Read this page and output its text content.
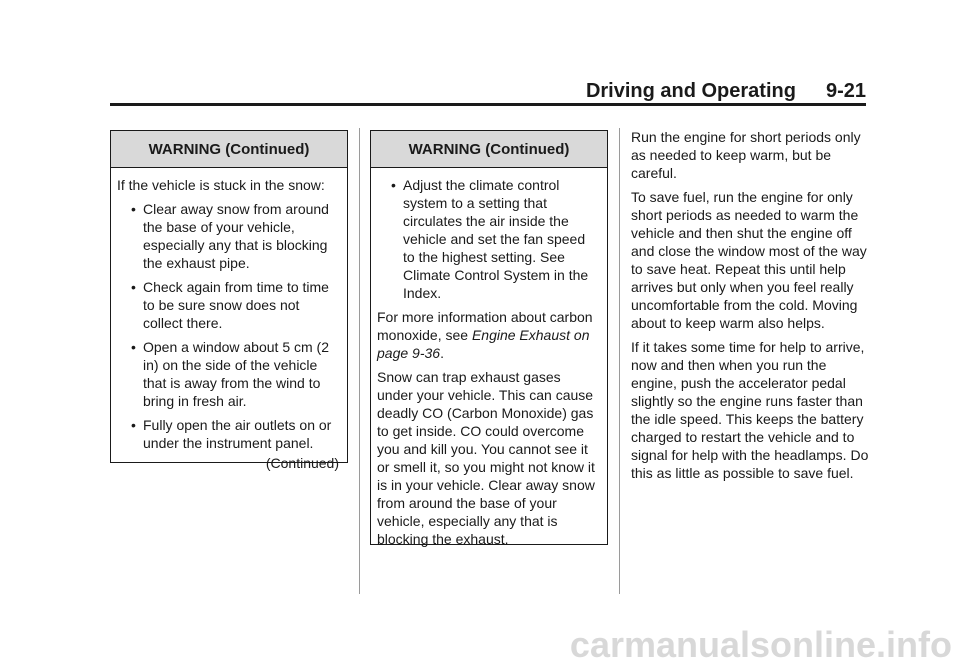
Driving and Operating 9-21
WARNING (Continued)

If the vehicle is stuck in the snow:

• Clear away snow from around the base of your vehicle, especially any that is blocking the exhaust pipe.
• Check again from time to time to be sure snow does not collect there.
• Open a window about 5 cm (2 in) on the side of the vehicle that is away from the wind to bring in fresh air.
• Fully open the air outlets on or under the instrument panel.
(Continued)
WARNING (Continued)
• Adjust the climate control system to a setting that circulates the air inside the vehicle and set the fan speed to the highest setting. See Climate Control System in the Index.

For more information about carbon monoxide, see Engine Exhaust on page 9-36.

Snow can trap exhaust gases under your vehicle. This can cause deadly CO (Carbon Monoxide) gas to get inside. CO could overcome you and kill you. You cannot see it or smell it, so you might not know it is in your vehicle. Clear away snow from around the base of your vehicle, especially any that is blocking the exhaust.

Run the engine for short periods only as needed to keep warm, but be careful.

To save fuel, run the engine for only short periods as needed to warm the vehicle and then shut the engine off and close the window most of the way to save heat. Repeat this until help arrives but only when you feel really uncomfortable from the cold. Moving about to keep warm also helps.

If it takes some time for help to arrive, now and then when you run the engine, push the accelerator pedal slightly so the engine runs faster than the idle speed. This keeps the battery charged to restart the vehicle and to signal for help with the headlamps. Do this as little as possible to save fuel.

carmanualsonline.info
